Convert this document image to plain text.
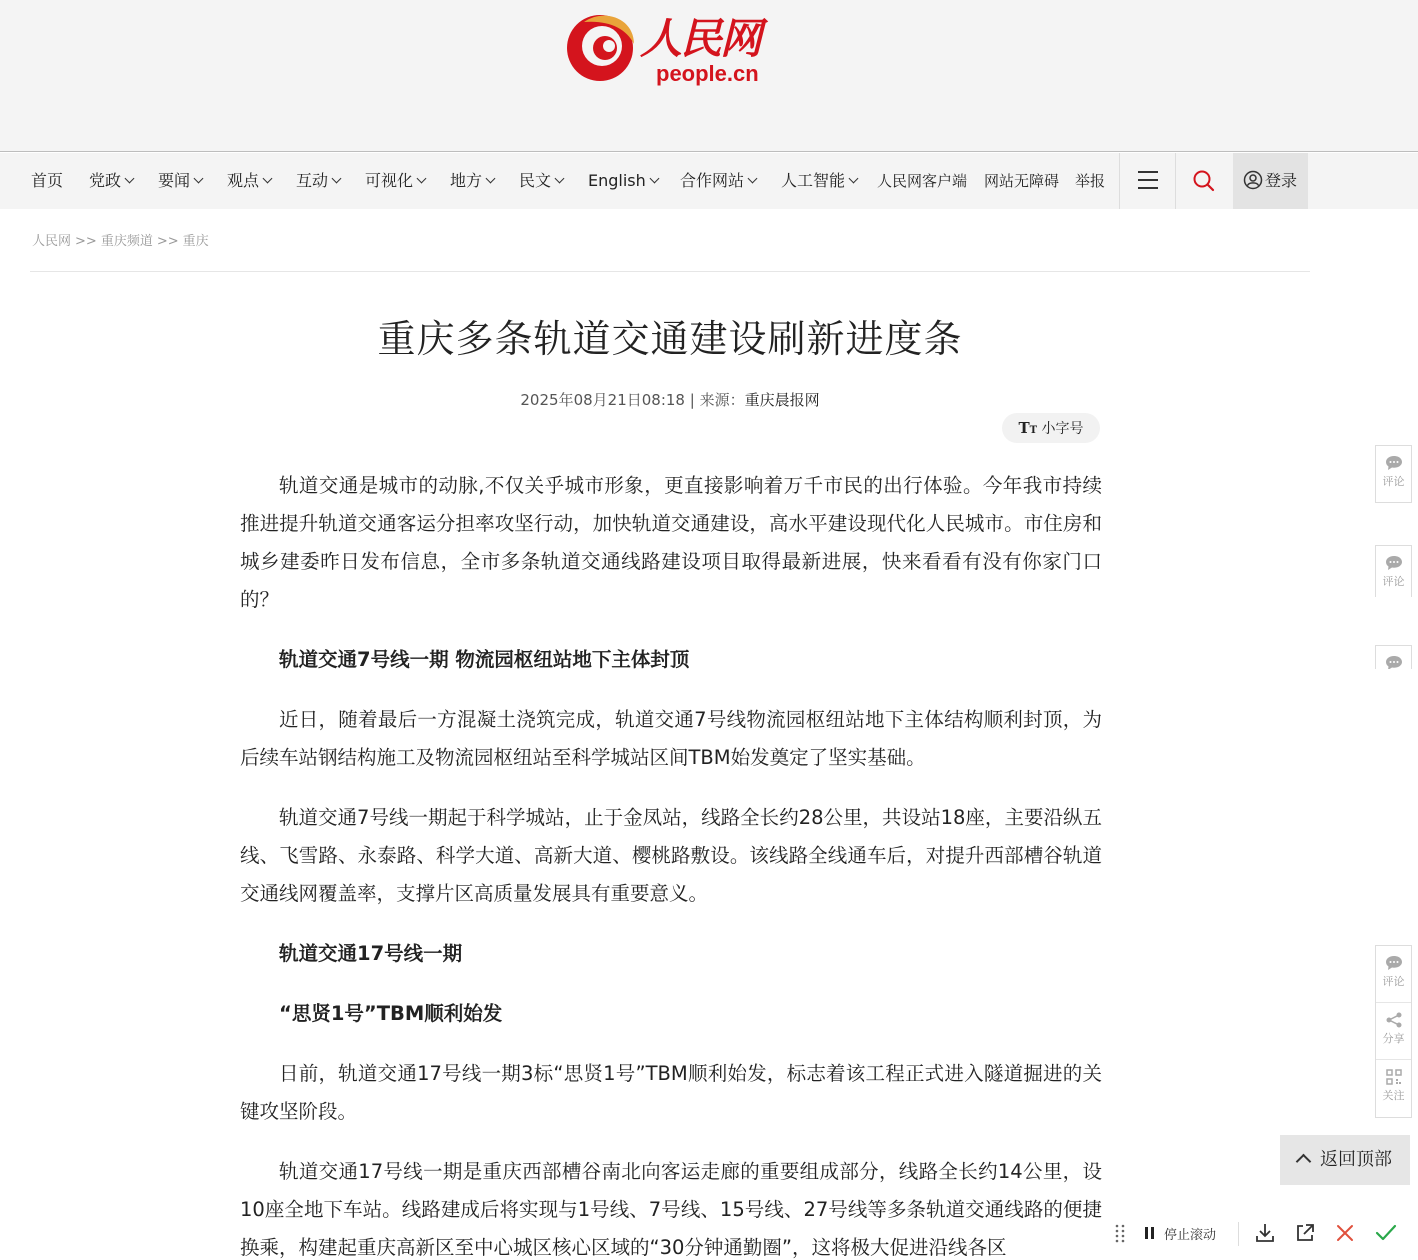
人民网
people.cn
首页 党政	要闻	观点	互动	可视化	地方	民文	English	合作网站	人工智能	人民网客户端 网站无障碍 举报	登录
人民网 >> 重庆频道 >> 重庆
重庆多条轨道交通建设刷新进度条
2025年08月21日08:18 | 来源：重庆晨报网
TT 小字号
轨道交通是城市的动脉,不仅关乎城市形象，更直接影响着万千市民的出行体验。今年我市持续推进提升轨道交通客运分担率攻坚行动，加快轨道交通建设，高水平建设现代化人民城市。市住房和城乡建委昨日发布信息，全市多条轨道交通线路建设项目取得最新进展，快来看看有没有你家门口的？
轨道交通7号线一期 物流园枢纽站地下主体封顶
近日，随着最后一方混凝土浇筑完成，轨道交通7号线物流园枢纽站地下主体结构顺利封顶，为后续车站钢结构施工及物流园枢纽站至科学城站区间TBM始发奠定了坚实基础。
轨道交通7号线一期起于科学城站，止于金凤站，线路全长约28公里，共设站18座，主要沿纵五线、飞雪路、永泰路、科学大道、高新大道、樱桃路敷设。该线路全线通车后，对提升西部槽谷轨道交通线网覆盖率，支撑片区高质量发展具有重要意义。
轨道交通17号线一期
“思贤1号”TBM顺利始发
日前，轨道交通17号线一期3标“思贤1号”TBM顺利始发，标志着该工程正式进入隧道掘进的关键攻坚阶段。
轨道交通17号线一期是重庆西部槽谷南北向客运走廊的重要组成部分，线路全长约14公里，设10座全地下车站。线路建成后将实现与1号线、7号线、15号线、27号线等多条轨道交通线路的便捷换乘，构建起重庆高新区至中心城区核心区域的“30分钟通勤圈”，这将极大促进沿线各区
评论
评论
评论
分享
关注
返回顶部
停止滚动
